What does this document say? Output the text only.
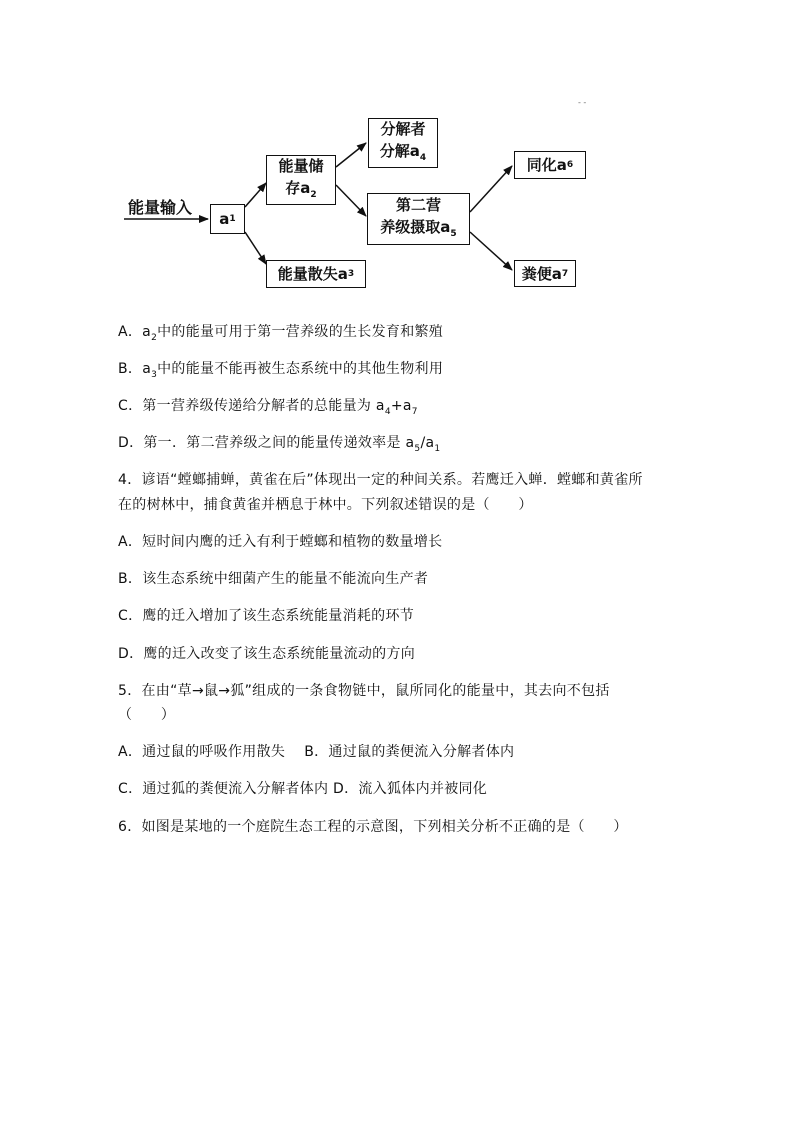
能量输入
a 1
能量储
存$a_2$
能量散失a 3
分解者
分解$a_4$
第二营
养级摄取$a_5$
同化a 6
粪便a 7
- -
A．$a_2$中的能量可用于第一营养级的生长发育和繁殖
B．$a_3$中的能量不能再被生态系统中的其他生物利用
C．第一营养级传递给分解者的总能量为 $a_4+a_7$
D．第一．第二营养级之间的能量传递效率是 $a_5/a_1$
4．谚语“螳螂捕蝉，黄雀在后”体现出一定的种间关系。若鹰迁入蝉．螳螂和黄雀所
在的树林中，捕食黄雀并栖息于林中。下列叙述错误的是（　　）
A．短时间内鹰的迁入有利于螳螂和植物的数量增长
B．该生态系统中细菌产生的能量不能流向生产者
C．鹰的迁入增加了该生态系统能量消耗的环节
D．鹰的迁入改变了该生态系统能量流动的方向
5．在由“草→鼠→狐”组成的一条食物链中，鼠所同化的能量中，其去向不包括
（　　）
A．通过鼠的呼吸作用散失　 B．通过鼠的粪便流入分解者体内
C．通过狐的粪便流入分解者体内 D．流入狐体内并被同化
6．如图是某地的一个庭院生态工程的示意图，下列相关分析不正确的是（　　）
